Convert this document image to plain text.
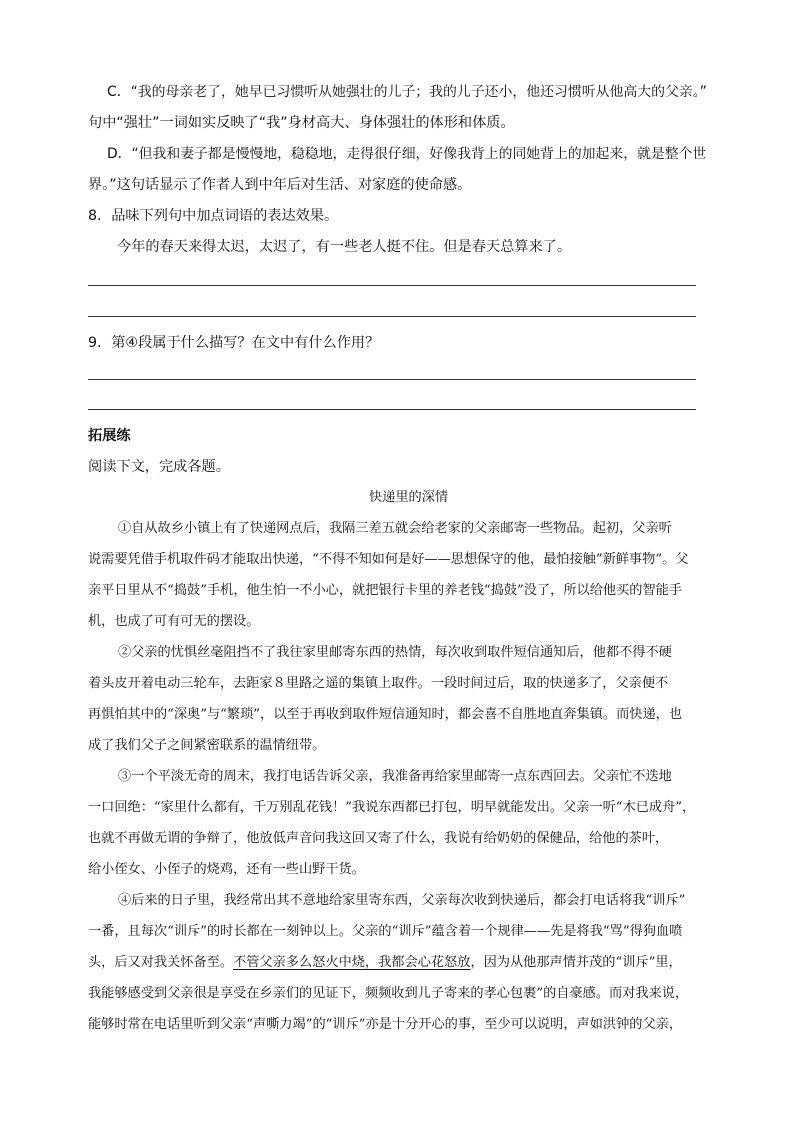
C．“我的母亲老了，她早已习惯听从她强壮的儿子；我的儿子还小，他还习惯听从他高大的父亲。”
句中“强壮”一词如实反映了“我”身材高大、身体强壮的体形和体质。
D．“但我和妻子都是慢慢地，稳稳地，走得很仔细，好像我背上的同她背上的加起来，就是整个世
界。”这句话显示了作者人到中年后对生活、对家庭的使命感。
8．品味下列句中加点词语的表达效果。
今年的春天来得太迟，太迟了，有一些老人挺不住。但是春天总算来了。
9．第④段属于什么描写？在文中有什么作用？
拓展练
阅读下文，完成各题。
快递里的深情
①自从故乡小镇上有了快递网点后，我隔三差五就会给老家的父亲邮寄一些物品。起初，父亲听
说需要凭借手机取件码才能取出快递，“不得不知如何是好——思想保守的他，最怕接触”新鲜事物”。父
亲平日里从不“捣鼓”手机，他生怕一不小心，就把银行卡里的养老钱“捣鼓”没了，所以给他买的智能手
机，也成了可有可无的摆设。
②父亲的忧惧丝毫阻挡不了我往家里邮寄东西的热情，每次收到取件短信通知后，他都不得不硬
着头皮开着电动三轮车，去距家８里路之遥的集镇上取件。一段时间过后，取的快递多了，父亲便不
再惧怕其中的“深奥”与“繁琐”，以至于再收到取件短信通知时，都会喜不自胜地直奔集镇。而快递，也
成了我们父子之间紧密联系的温情纽带。
③一个平淡无奇的周末，我打电话告诉父亲，我准备再给家里邮寄一点东西回去。父亲忙不迭地
一口回绝：“家里什么都有，千万别乱花钱！”我说东西都已打包，明早就能发出。父亲一听“木已成舟”，
也就不再做无谓的争辩了，他放低声音问我这回又寄了什么，我说有给奶奶的保健品，给他的茶叶，
给小侄女、小侄子的烧鸡，还有一些山野干货。
④后来的日子里，我经常出其不意地给家里寄东西，父亲每次收到快递后，都会打电话将我“训斥”
一番，且每次“训斥”的时长都在一刻钟以上。父亲的“训斥”蕴含着一个规律——先是将我“骂”得狗血喷
头，后又对我关怀备至。不管父亲多么怒火中烧，我都会心花怒放，因为从他那声情并茂的“训斥”里，
我能够感受到父亲很是享受在乡亲们的见证下，频频收到儿子寄来的孝心包裹”的自豪感。而对我来说，
能够时常在电话里听到父亲“声嘶力竭”的“训斥”亦是十分开心的事，至少可以说明，声如洪钟的父亲，
